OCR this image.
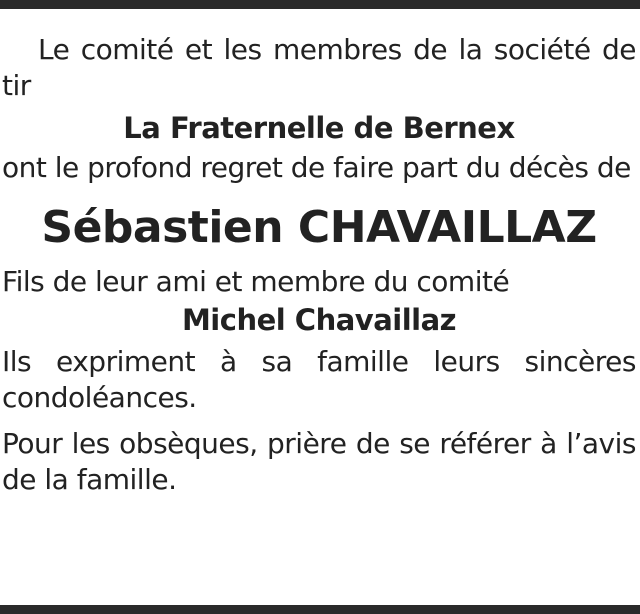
Le comité et les membres de la société de tir

La Fraternelle de Bernex

ont le profond regret de faire part du décès de

Sébastien CHAVAILLAZ

Fils de leur ami et membre du comité

Michel Chavaillaz

Ils expriment à sa famille leurs sincères condoléances.

Pour les obsèques, prière de se référer à l’avis de la famille.
